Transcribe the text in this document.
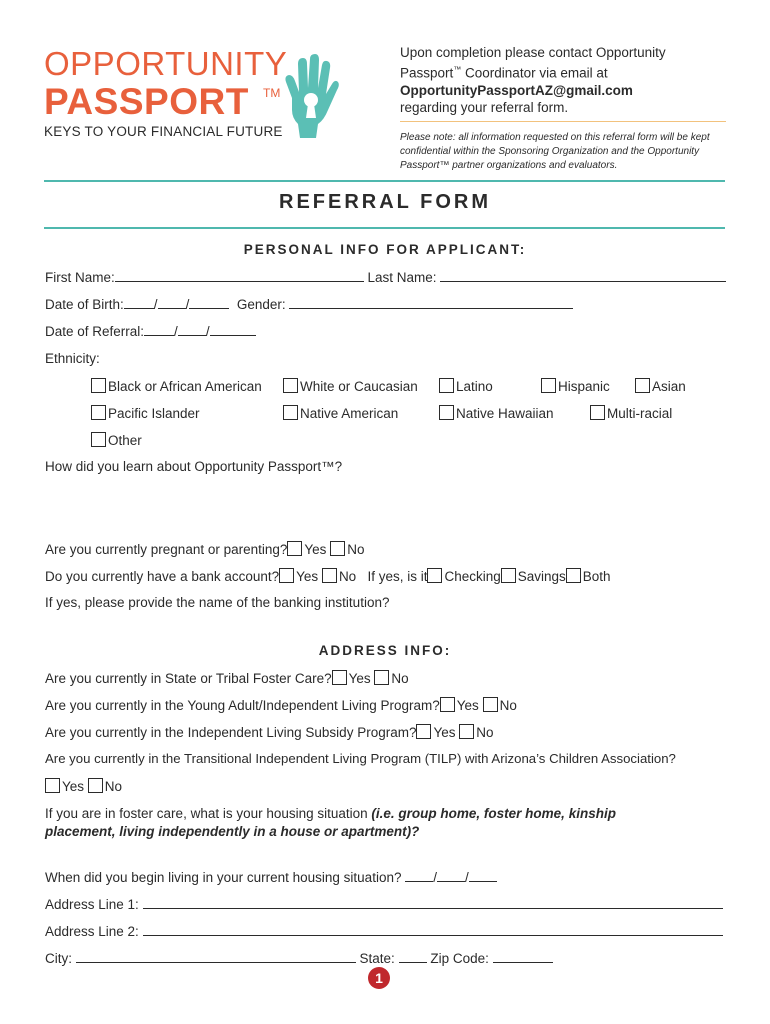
OPPORTUNITY
PASSPORT TM
KEYS TO YOUR FINANCIAL FUTURE
Upon completion please contact Opportunity
Passport™ Coordinator via email at
OpportunityPassportAZ@gmail.com
regarding your referral form.
Please note: all information requested on this referral form will be kept confidential within the Sponsoring Organization and the Opportunity Passport™ partner organizations and evaluators.
REFERRAL FORM
PERSONAL INFO FOR APPLICANT:
First Name:	Last Name:
Date of Birth: / /	Gender:
Date of Referral: / /
Ethnicity:
Black or African American	White or Caucasian	Latino	Hispanic	Asian
Pacific Islander	Native American	Native Hawaiian	Multi-racial
Other
How did you learn about Opportunity Passport™?
Are you currently pregnant or parenting? Yes No
Do you currently have a bank account? Yes No If yes, is it Checking Savings Both
If yes, please provide the name of the banking institution?
ADDRESS INFO:
Are you currently in State or Tribal Foster Care? Yes No
Are you currently in the Young Adult/Independent Living Program? Yes No
Are you currently in the Independent Living Subsidy Program? Yes No
Are you currently in the Transitional Independent Living Program (TILP) with Arizona’s Children Association?
Yes No
If you are in foster care, what is your housing situation (i.e. group home, foster home, kinship
placement, living independently in a house or apartment)?
When did you begin living in your current housing situation? / /
Address Line 1:
Address Line 2:
City:	State:	Zip Code:
1
